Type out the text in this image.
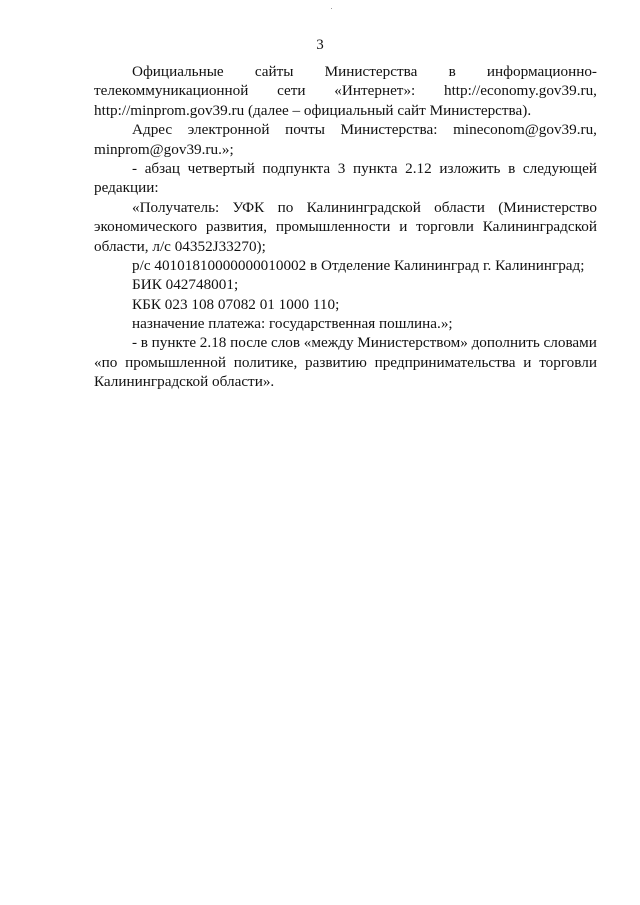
3
Официальные сайты Министерства в информационно-
телекоммуникационной сети «Интернет»: http://economy.gov39.ru,
http://minprom.gov39.ru (далее – официальный сайт Министерства).
Адрес электронной почты Министерства: mineconom@gov39.ru,
minprom@gov39.ru.»;
- абзац четвертый подпункта 3 пункта 2.12 изложить в следующей
редакции:
«Получатель: УФК по Калининградской области (Министерство
экономического развития, промышленности и торговли Калининградской
области, л/с 04352J33270);
р/с 40101810000000010002 в Отделение Калининград г. Калининград;
БИК 042748001;
КБК 023 108 07082 01 1000 110;
назначение платежа: государственная пошлина.»;
- в пункте 2.18 после слов «между Министерством» дополнить словами
«по промышленной политике, развитию предпринимательства и торговли
Калининградской области».
